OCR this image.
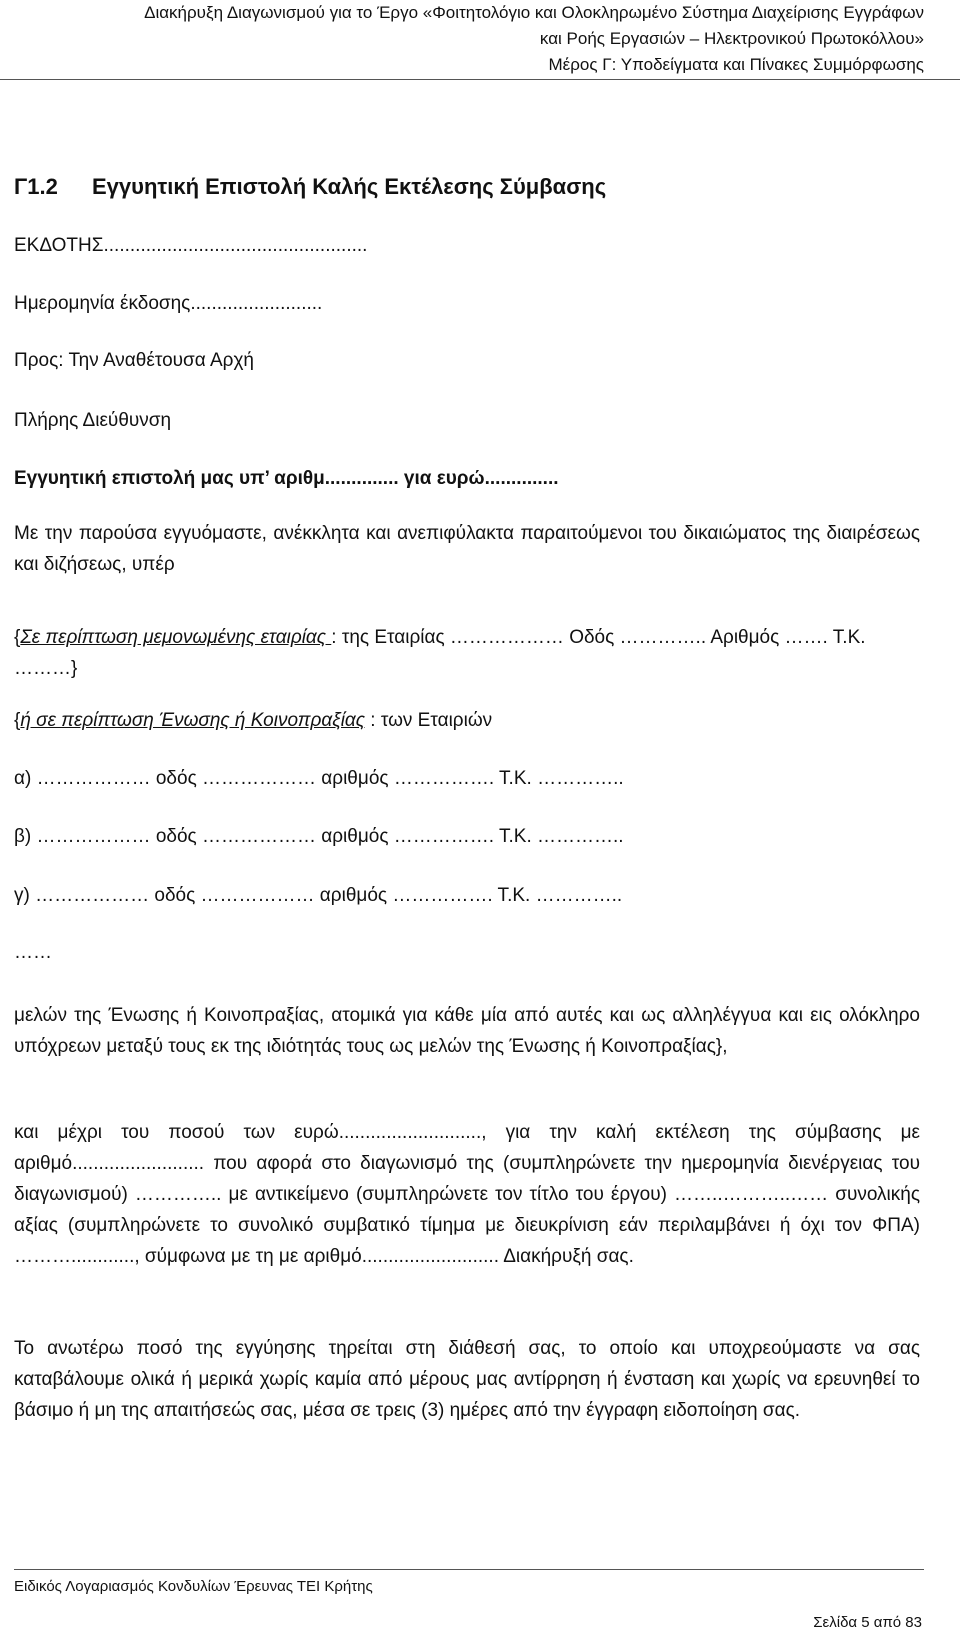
Διακήρυξη Διαγωνισμού για το Έργο «Φοιτητολόγιο και Ολοκληρωμένο Σύστημα Διαχείρισης Εγγράφων
και Ροής Εργασιών – Ηλεκτρονικού Πρωτοκόλλου»
Μέρος Γ: Υποδείγματα και Πίνακες Συμμόρφωσης
Γ1.2 Εγγυητική Επιστολή Καλής Εκτέλεσης Σύμβασης

ΕΚΔΟΤΗΣ..................................................

Ημερομηνία έκδοσης.........................

Προς: Την Αναθέτουσα Αρχή

Πλήρης Διεύθυνση

Εγγυητική επιστολή μας υπ’ αριθμ.............. για ευρώ..............

Με την παρούσα εγγυόμαστε, ανέκκλητα και ανεπιφύλακτα παραιτούμενοι του δικαιώματος της διαιρέσεως και διζήσεως, υπέρ

{Σε περίπτωση μεμονωμένης εταιρίας : της Εταιρίας ……………… Οδός ………….. Αριθμός ……. Τ.Κ. ………}

{ή σε περίπτωση Ένωσης ή Κοινοπραξίας : των Εταιριών

α) ……………… οδός ……………… αριθμός ……………. Τ.Κ. …………..

β) ……………… οδός ……………… αριθμός ……………. Τ.Κ. …………..

γ) ……………… οδός ……………… αριθμός ……………. Τ.Κ. …………..

……

μελών της Ένωσης ή Κοινοπραξίας, ατομικά για κάθε μία από αυτές και ως αλληλέγγυα και εις ολόκληρο υπόχρεων μεταξύ τους εκ της ιδιότητάς τους ως μελών της Ένωσης ή Κοινοπραξίας},

και μέχρι του ποσού των ευρώ..........................., για την καλή εκτέλεση της σύμβασης με αριθμό......................... που αφορά στο διαγωνισμό της (συμπληρώνετε την ημερομηνία διενέργειας του διαγωνισμού) ………….. με αντικείμενο (συμπληρώνετε τον τίτλο του έργου) ……..………..…… συνολικής αξίας (συμπληρώνετε το συνολικό συμβατικό τίμημα με διευκρίνιση εάν περιλαμβάνει ή όχι τον ΦΠΑ) ………............, σύμφωνα με τη με αριθμό.......................... Διακήρυξή σας.

Το ανωτέρω ποσό της εγγύησης τηρείται στη διάθεσή σας, το οποίο και υποχρεούμαστε να σας καταβάλουμε ολικά ή μερικά χωρίς καμία από μέρους μας αντίρρηση ή ένσταση και χωρίς να ερευνηθεί το βάσιμο ή μη της απαιτήσεώς σας, μέσα σε τρεις (3) ημέρες από την έγγραφη ειδοποίηση σας.

Ειδικός Λογαριασμός Κονδυλίων Έρευνας ΤΕΙ Κρήτης
Σελίδα 5 από 83
